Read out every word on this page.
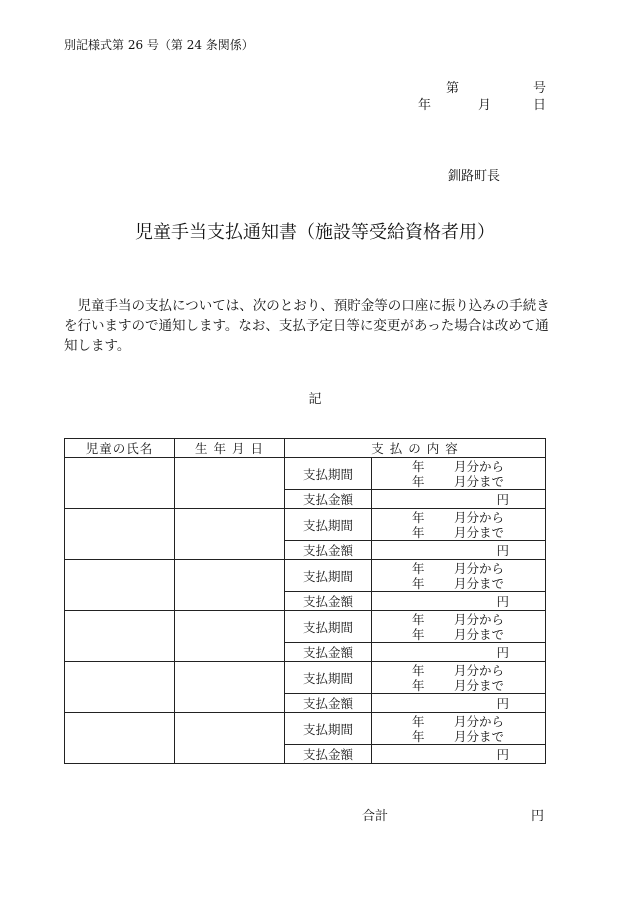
別記様式第 26 号（第 24 条関係）
第	号
年	月	日
釧路町長
児童手当支払通知書（施設等受給資格者用）
　児童手当の支払については、次のとおり、預貯金等の口座に振り込みの手続きを行いますので通知します。なお、支払予定日等に変更があった場合は改めて通知します。
記
児童の氏名	生 年 月 日	支 払 の 内 容	
		支払期間	年 月分から
年 月分まで

		支払金額	円
		支払期間	年 月分から
年 月分まで

		支払金額	円
		支払期間	年 月分から
年 月分まで

		支払金額	円
		支払期間	年 月分から
年 月分まで

		支払金額	円
		支払期間	年 月分から
年 月分まで

		支払金額	円
		支払期間	年 月分から
年 月分まで

		支払金額	円
合計	円
